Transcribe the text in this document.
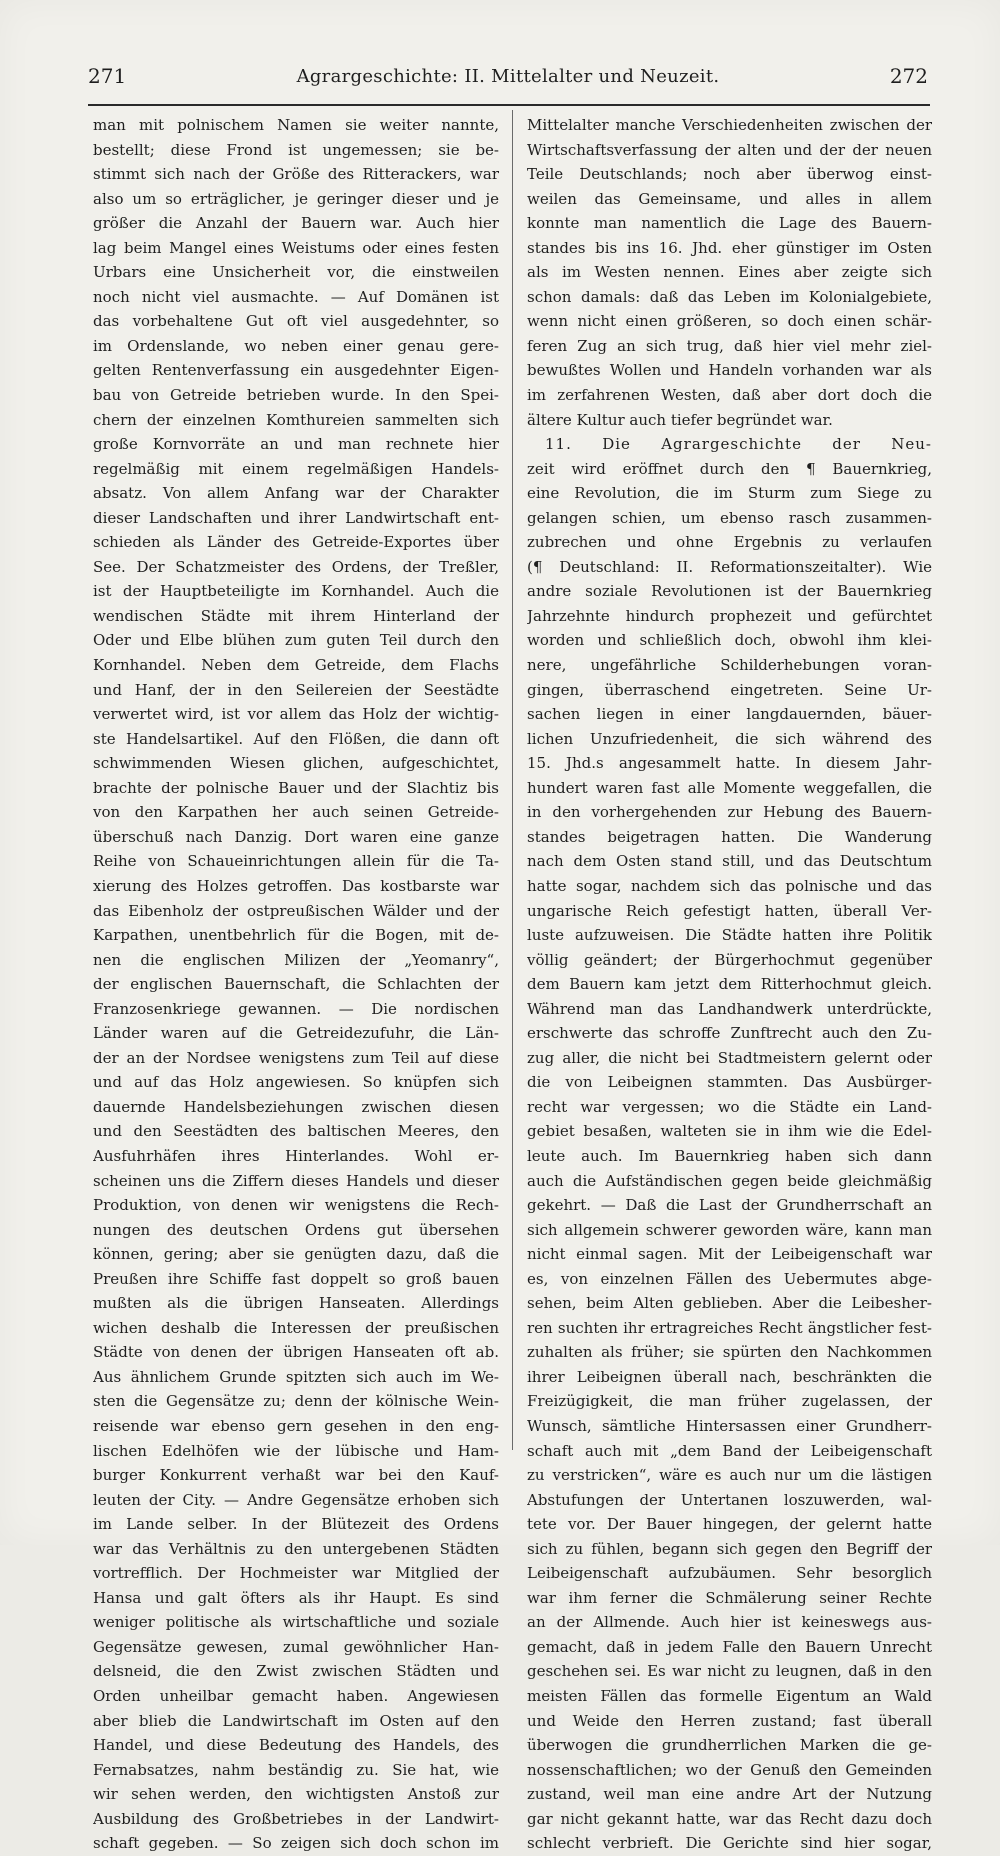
271	Agrargeschichte: II. Mittelalter und Neuzeit.	272
man mit polnischem Namen sie weiter nannte,
bestellt; diese Frond ist ungemessen; sie be-
stimmt sich nach der Größe des Ritterackers, war
also um so erträglicher, je geringer dieser und je
größer die Anzahl der Bauern war. Auch hier
lag beim Mangel eines Weistums oder eines festen
Urbars eine Unsicherheit vor, die einstweilen
noch nicht viel ausmachte. — Auf Domänen ist
das vorbehaltene Gut oft viel ausgedehnter, so
im Ordenslande, wo neben einer genau gere-
gelten Rentenverfassung ein ausgedehnter Eigen-
bau von Getreide betrieben wurde. In den Spei-
chern der einzelnen Komthureien sammelten sich
große Kornvorräte an und man rechnete hier
regelmäßig mit einem regelmäßigen Handels-
absatz. Von allem Anfang war der Charakter
dieser Landschaften und ihrer Landwirtschaft ent-
schieden als Länder des Getreide-Exportes über
See. Der Schatzmeister des Ordens, der Treßler,
ist der Hauptbeteiligte im Kornhandel. Auch die
wendischen Städte mit ihrem Hinterland der
Oder und Elbe blühen zum guten Teil durch den
Kornhandel. Neben dem Getreide, dem Flachs
und Hanf, der in den Seilereien der Seestädte
verwertet wird, ist vor allem das Holz der wichtig-
ste Handelsartikel. Auf den Flößen, die dann oft
schwimmenden Wiesen glichen, aufgeschichtet,
brachte der polnische Bauer und der Slachtiz bis
von den Karpathen her auch seinen Getreide-
überschuß nach Danzig. Dort waren eine ganze
Reihe von Schaueinrichtungen allein für die Ta-
xierung des Holzes getroffen. Das kostbarste war
das Eibenholz der ostpreußischen Wälder und der
Karpathen, unentbehrlich für die Bogen, mit de-
nen die englischen Milizen der „Yeomanry“,
der englischen Bauernschaft, die Schlachten der
Franzosenkriege gewannen. — Die nordischen
Länder waren auf die Getreidezufuhr, die Län-
der an der Nordsee wenigstens zum Teil auf diese
und auf das Holz angewiesen. So knüpfen sich
dauernde Handelsbeziehungen zwischen diesen
und den Seestädten des baltischen Meeres, den
Ausfuhrhäfen ihres Hinterlandes. Wohl er-
scheinen uns die Ziffern dieses Handels und dieser
Produktion, von denen wir wenigstens die Rech-
nungen des deutschen Ordens gut übersehen
können, gering; aber sie genügten dazu, daß die
Preußen ihre Schiffe fast doppelt so groß bauen
mußten als die übrigen Hanseaten. Allerdings
wichen deshalb die Interessen der preußischen
Städte von denen der übrigen Hanseaten oft ab.
Aus ähnlichem Grunde spitzten sich auch im We-
sten die Gegensätze zu; denn der kölnische Wein-
reisende war ebenso gern gesehen in den eng-
lischen Edelhöfen wie der lübische und Ham-
burger Konkurrent verhaßt war bei den Kauf-
leuten der City. — Andre Gegensätze erhoben sich
im Lande selber. In der Blütezeit des Ordens
war das Verhältnis zu den untergebenen Städten
vortrefflich. Der Hochmeister war Mitglied der
Hansa und galt öfters als ihr Haupt. Es sind
weniger politische als wirtschaftliche und soziale
Gegensätze gewesen, zumal gewöhnlicher Han-
delsneid, die den Zwist zwischen Städten und
Orden unheilbar gemacht haben. Angewiesen
aber blieb die Landwirtschaft im Osten auf den
Handel, und diese Bedeutung des Handels, des
Fernabsatzes, nahm beständig zu. Sie hat, wie
wir sehen werden, den wichtigsten Anstoß zur
Ausbildung des Großbetriebes in der Landwirt-
schaft gegeben. — So zeigen sich doch schon im
Mittelalter manche Verschiedenheiten zwischen der
Wirtschaftsverfassung der alten und der der neuen
Teile Deutschlands; noch aber überwog einst-
weilen das Gemeinsame, und alles in allem
konnte man namentlich die Lage des Bauern-
standes bis ins 16. Jhd. eher günstiger im Osten
als im Westen nennen. Eines aber zeigte sich
schon damals: daß das Leben im Kolonialgebiete,
wenn nicht einen größeren, so doch einen schär-
feren Zug an sich trug, daß hier viel mehr ziel-
bewußtes Wollen und Handeln vorhanden war als
im zerfahrenen Westen, daß aber dort doch die
ältere Kultur auch tiefer begründet war.
11. Die Agrargeschichte der Neu-
zeit wird eröffnet durch den ¶ Bauernkrieg,
eine Revolution, die im Sturm zum Siege zu
gelangen schien, um ebenso rasch zusammen-
zubrechen und ohne Ergebnis zu verlaufen
(¶ Deutschland: II. Reformationszeitalter). Wie
andre soziale Revolutionen ist der Bauernkrieg
Jahrzehnte hindurch prophezeit und gefürchtet
worden und schließlich doch, obwohl ihm klei-
nere, ungefährliche Schilderhebungen voran-
gingen, überraschend eingetreten. Seine Ur-
sachen liegen in einer langdauernden, bäuer-
lichen Unzufriedenheit, die sich während des
15. Jhd.s angesammelt hatte. In diesem Jahr-
hundert waren fast alle Momente weggefallen, die
in den vorhergehenden zur Hebung des Bauern-
standes beigetragen hatten. Die Wanderung
nach dem Osten stand still, und das Deutschtum
hatte sogar, nachdem sich das polnische und das
ungarische Reich gefestigt hatten, überall Ver-
luste aufzuweisen. Die Städte hatten ihre Politik
völlig geändert; der Bürgerhochmut gegenüber
dem Bauern kam jetzt dem Ritterhochmut gleich.
Während man das Landhandwerk unterdrückte,
erschwerte das schroffe Zunftrecht auch den Zu-
zug aller, die nicht bei Stadtmeistern gelernt oder
die von Leibeignen stammten. Das Ausbürger-
recht war vergessen; wo die Städte ein Land-
gebiet besaßen, walteten sie in ihm wie die Edel-
leute auch. Im Bauernkrieg haben sich dann
auch die Aufständischen gegen beide gleichmäßig
gekehrt. — Daß die Last der Grundherrschaft an
sich allgemein schwerer geworden wäre, kann man
nicht einmal sagen. Mit der Leibeigenschaft war
es, von einzelnen Fällen des Uebermutes abge-
sehen, beim Alten geblieben. Aber die Leibesher-
ren suchten ihr ertragreiches Recht ängstlicher fest-
zuhalten als früher; sie spürten den Nachkommen
ihrer Leibeignen überall nach, beschränkten die
Freizügigkeit, die man früher zugelassen, der
Wunsch, sämtliche Hintersassen einer Grundherr-
schaft auch mit „dem Band der Leibeigenschaft
zu verstricken“, wäre es auch nur um die lästigen
Abstufungen der Untertanen loszuwerden, wal-
tete vor. Der Bauer hingegen, der gelernt hatte
sich zu fühlen, begann sich gegen den Begriff der
Leibeigenschaft aufzubäumen. Sehr besorglich
war ihm ferner die Schmälerung seiner Rechte
an der Allmende. Auch hier ist keineswegs aus-
gemacht, daß in jedem Falle den Bauern Unrecht
geschehen sei. Es war nicht zu leugnen, daß in den
meisten Fällen das formelle Eigentum an Wald
und Weide den Herren zustand; fast überall
überwogen die grundherrlichen Marken die ge-
nossenschaftlichen; wo der Genuß den Gemeinden
zustand, weil man eine andre Art der Nutzung
gar nicht gekannt hatte, war das Recht dazu doch
schlecht verbrieft. Die Gerichte sind hier sogar,
